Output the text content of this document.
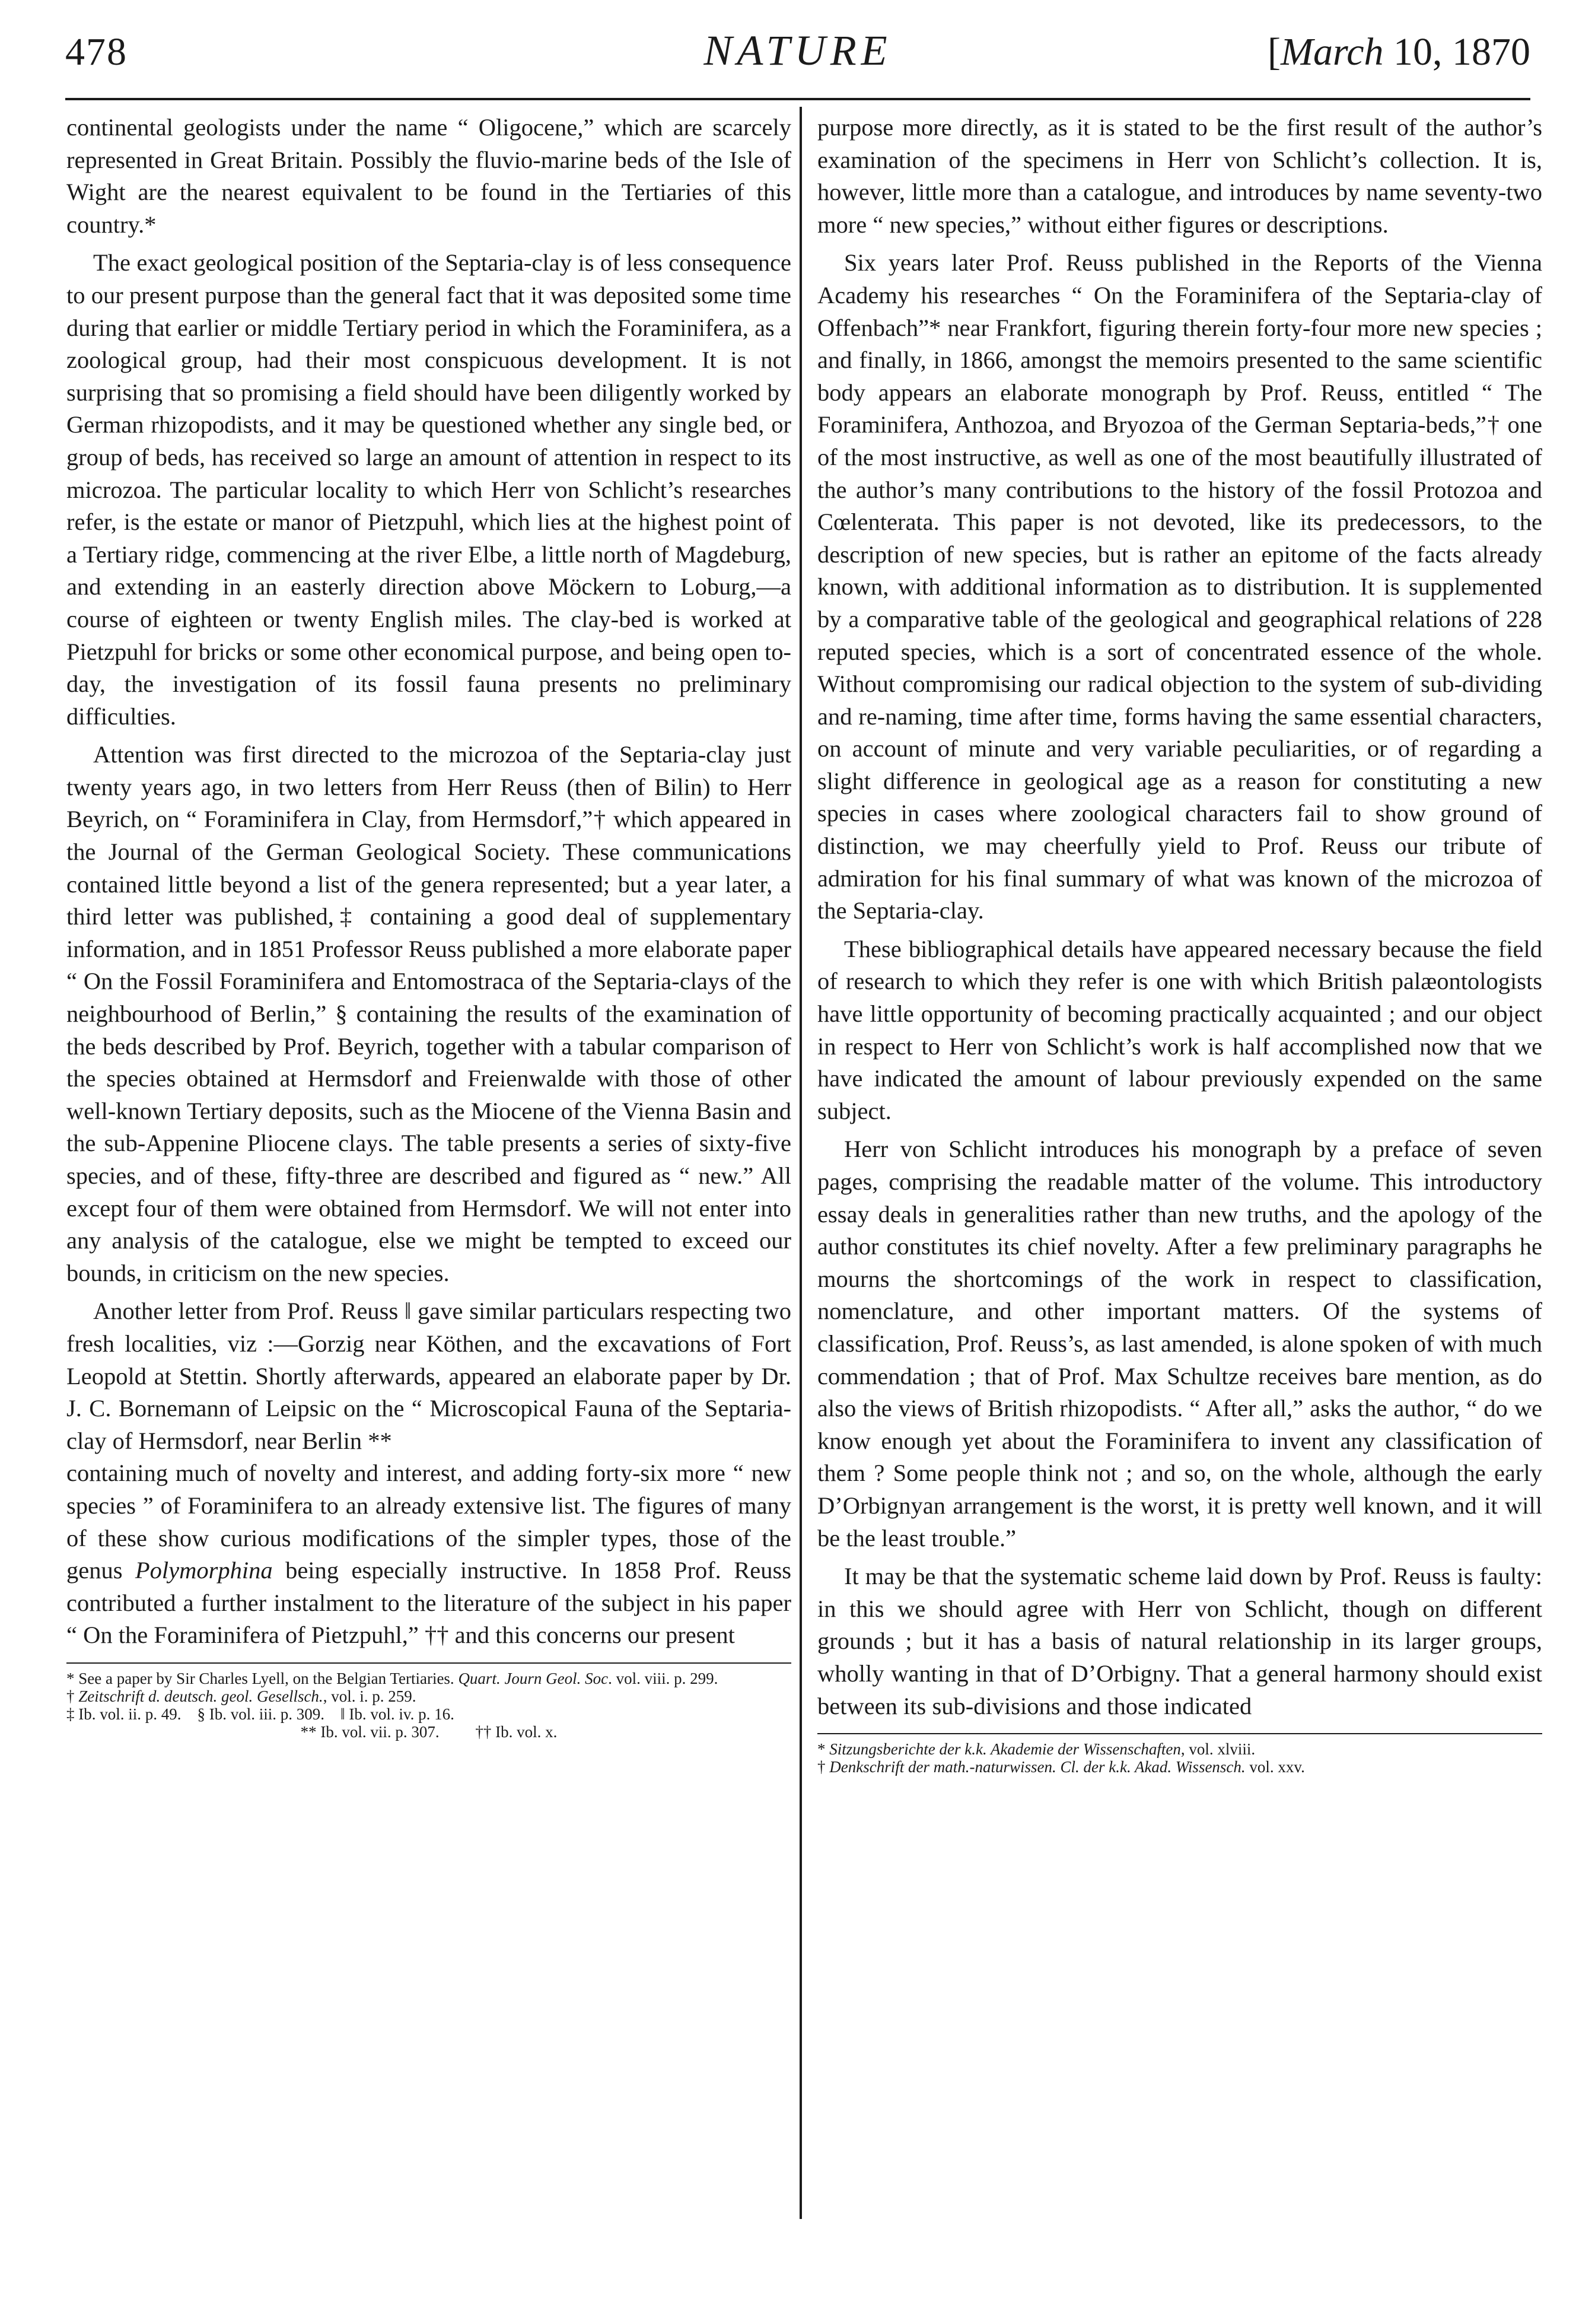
478	NATURE	[March 10, 1870

continental geologists under the name “ Oligocene,” which are scarcely represented in Great Britain. Possibly the fluvio-marine beds of the Isle of Wight are the nearest equivalent to be found in the Tertiaries of this country.*

The exact geological position of the Septaria-clay is of less consequence to our present purpose than the general fact that it was deposited some time during that earlier or middle Tertiary period in which the Foraminifera, as a zoological group, had their most conspicuous development. It is not surprising that so promising a field should have been diligently worked by German rhizopodists, and it may be questioned whether any single bed, or group of beds, has received so large an amount of attention in respect to its microzoa. The particular locality to which Herr von Schlicht’s researches refer, is the estate or manor of Pietzpuhl, which lies at the highest point of a Tertiary ridge, commencing at the river Elbe, a little north of Magdeburg, and extending in an easterly direction above Möckern to Loburg,—a course of eighteen or twenty English miles. The clay-bed is worked at Pietzpuhl for bricks or some other economical purpose, and being open to-day, the investigation of its fossil fauna presents no preliminary difficulties.

Attention was first directed to the microzoa of the Septaria-clay just twenty years ago, in two letters from Herr Reuss (then of Bilin) to Herr Beyrich, on “ Foraminifera in Clay, from Hermsdorf,”† which appeared in the Journal of the German Geological Society. These communications contained little beyond a list of the genera represented; but a year later, a third letter was published,‡ containing a good deal of supplementary information, and in 1851 Professor Reuss published a more elaborate paper “ On the Fossil Foraminifera and Entomostraca of the Septaria-clays of the neighbourhood of Berlin,” § containing the results of the examination of the beds described by Prof. Beyrich, together with a tabular comparison of the species obtained at Hermsdorf and Freienwalde with those of other well-known Tertiary deposits, such as the Miocene of the Vienna Basin and the sub-Appenine Pliocene clays. The table presents a series of sixty-five species, and of these, fifty-three are described and figured as “ new.” All except four of them were obtained from Hermsdorf. We will not enter into any analysis of the catalogue, else we might be tempted to exceed our bounds, in criticism on the new species.

Another letter from Prof. Reuss ‖ gave similar particulars respecting two fresh localities, viz :—Gorzig near Köthen, and the excavations of Fort Leopold at Stettin. Shortly afterwards, appeared an elaborate paper by Dr. J. C. Bornemann of Leipsic on the “ Microscopical Fauna of the Septaria-clay of Hermsdorf, near Berlin **

containing much of novelty and interest, and adding forty-six more “ new species ” of Foraminifera to an already extensive list. The figures of many of these show curious modifications of the simpler types, those of the genus Polymorphina being especially instructive. In 1858 Prof. Reuss contributed a further instalment to the literature of the subject in his paper “ On the Foraminifera of Pietzpuhl,” †† and this concerns our present

* See a paper by Sir Charles Lyell, on the Belgian Tertiaries. Quart. Journ Geol. Soc. vol. viii. p. 299.

† Zeitschrift d. deutsch. geol. Gesellsch., vol. i. p. 259.

‡ Ib. vol. ii. p. 49.    § Ib. vol. iii. p. 309.    ‖ Ib. vol. iv. p. 16.

** Ib. vol. vii. p. 307.         †† Ib. vol. x.

purpose more directly, as it is stated to be the first result of the author’s examination of the specimens in Herr von Schlicht’s collection. It is, however, little more than a catalogue, and introduces by name seventy-two more “ new species,” without either figures or descriptions.

Six years later Prof. Reuss published in the Reports of the Vienna Academy his researches “ On the Foraminifera of the Septaria-clay of Offenbach”* near Frankfort, figuring therein forty-four more new species ; and finally, in 1866, amongst the memoirs presented to the same scientific body appears an elaborate monograph by Prof. Reuss, entitled “ The Foraminifera, Anthozoa, and Bryozoa of the German Septaria-beds,”† one of the most instructive, as well as one of the most beautifully illustrated of the author’s many contributions to the history of the fossil Protozoa and Cœlenterata. This paper is not devoted, like its predecessors, to the description of new species, but is rather an epitome of the facts already known, with additional information as to distribution. It is supplemented by a comparative table of the geological and geographical relations of 228 reputed species, which is a sort of concentrated essence of the whole. Without compromising our radical objection to the system of sub-dividing and re-naming, time after time, forms having the same essential characters, on account of minute and very variable peculiarities, or of regarding a slight difference in geological age as a reason for constituting a new species in cases where zoological characters fail to show ground of distinction, we may cheerfully yield to Prof. Reuss our tribute of admiration for his final summary of what was known of the microzoa of the Septaria-clay.

These bibliographical details have appeared necessary because the field of research to which they refer is one with which British palæontologists have little opportunity of becoming practically acquainted ; and our object in respect to Herr von Schlicht’s work is half accomplished now that we have indicated the amount of labour previously expended on the same subject.

Herr von Schlicht introduces his monograph by a preface of seven pages, comprising the readable matter of the volume. This introductory essay deals in generalities rather than new truths, and the apology of the author constitutes its chief novelty. After a few preliminary paragraphs he mourns the shortcomings of the work in respect to classification, nomenclature, and other important matters. Of the systems of classification, Prof. Reuss’s, as last amended, is alone spoken of with much commendation ; that of Prof. Max Schultze receives bare mention, as do also the views of British rhizopodists. “ After all,” asks the author, “ do we know enough yet about the Foraminifera to invent any classification of them ? Some people think not ; and so, on the whole, although the early D’Orbignyan arrangement is the worst, it is pretty well known, and it will be the least trouble.”

It may be that the systematic scheme laid down by Prof. Reuss is faulty: in this we should agree with Herr von Schlicht, though on different grounds ; but it has a basis of natural relationship in its larger groups, wholly wanting in that of D’Orbigny. That a general harmony should exist between its sub-divisions and those indicated

* Sitzungsberichte der k.k. Akademie der Wissenschaften, vol. xlviii.

† Denkschrift der math.-naturwissen. Cl. der k.k. Akad. Wissensch. vol. xxv.
